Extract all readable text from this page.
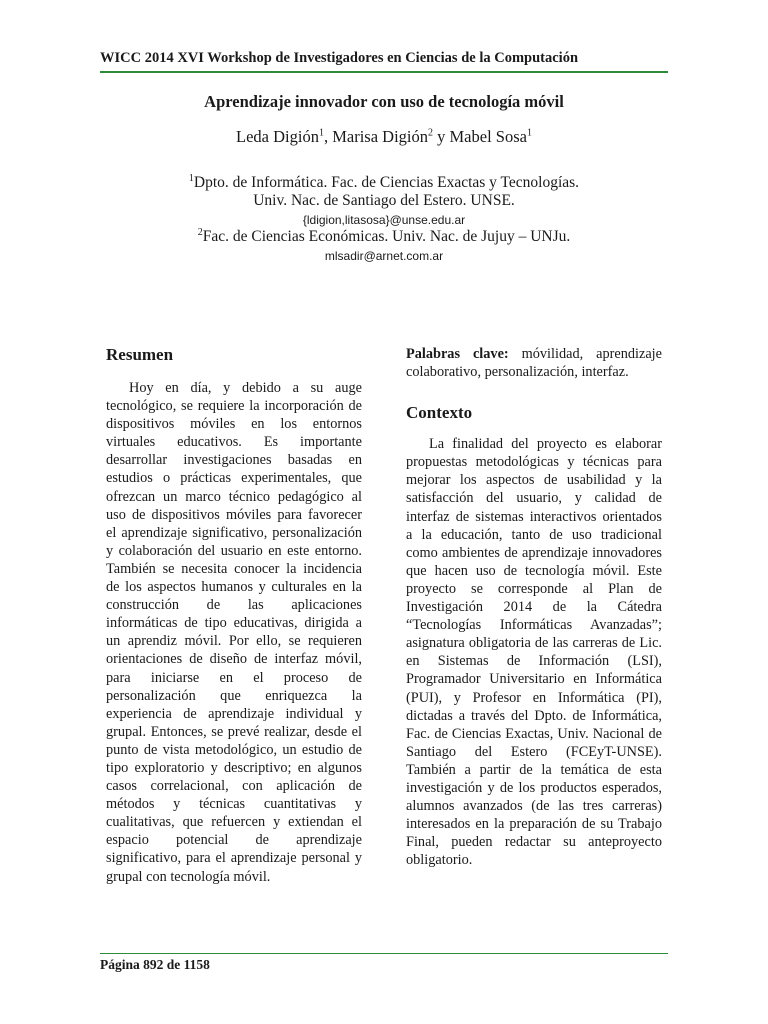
WICC 2014 XVI Workshop de Investigadores en Ciencias de la Computación
Aprendizaje innovador con uso de tecnología móvil
Leda Digión$^1$, Marisa Digión$^2$ y Mabel Sosa$^1$
$^1$Dpto. de Informática. Fac. de Ciencias Exactas y Tecnologías.
Univ. Nac. de Santiago del Estero. UNSE.
{ldigion,litasosa}@unse.edu.ar
$^2$Fac. de Ciencias Económicas. Univ. Nac. de Jujuy – UNJu.
mlsadir@arnet.com.ar
Resumen

Hoy en día, y debido a su auge tecnológico, se requiere la incorporación de dispositivos móviles en los entornos virtuales educativos. Es importante desarrollar investigaciones basadas en estudios o prácticas experimentales, que ofrezcan un marco técnico pedagógico al uso de dispositivos móviles para favorecer el aprendizaje significativo, personalización y colaboración del usuario en este entorno. También se necesita conocer la incidencia de los aspectos humanos y culturales en la construcción de las aplicaciones informáticas de tipo educativas, dirigida a un aprendiz móvil. Por ello, se requieren orientaciones de diseño de interfaz móvil, para iniciarse en el proceso de personalización que enriquezca la experiencia de aprendizaje individual y grupal. Entonces, se prevé realizar, desde el punto de vista metodológico, un estudio de tipo exploratorio y descriptivo; en algunos casos correlacional, con aplicación de métodos y técnicas cuantitativas y cualitativas, que refuercen y extiendan el espacio potencial de aprendizaje significativo, para el aprendizaje personal y grupal con tecnología móvil.

Palabras clave: móvilidad, aprendizaje colaborativo, personalización, interfaz.

Contexto

La finalidad del proyecto es elaborar propuestas metodológicas y técnicas para mejorar los aspectos de usabilidad y la satisfacción del usuario, y calidad de interfaz de sistemas interactivos orientados a la educación, tanto de uso tradicional como ambientes de aprendizaje innovadores que hacen uso de tecnología móvil. Este proyecto se corresponde al Plan de Investigación 2014 de la Cátedra “Tecnologías Informáticas Avanzadas”; asignatura obligatoria de las carreras de Lic. en Sistemas de Información (LSI), Programador Universitario en Informática (PUI), y Profesor en Informática (PI), dictadas a través del Dpto. de Informática, Fac. de Ciencias Exactas, Univ. Nacional de Santiago del Estero (FCEyT-UNSE). También a partir de la temática de esta investigación y de los productos esperados, alumnos avanzados (de las tres carreras) interesados en la preparación de su Trabajo Final, pueden redactar su anteproyecto obligatorio.

Página 892 de 1158
